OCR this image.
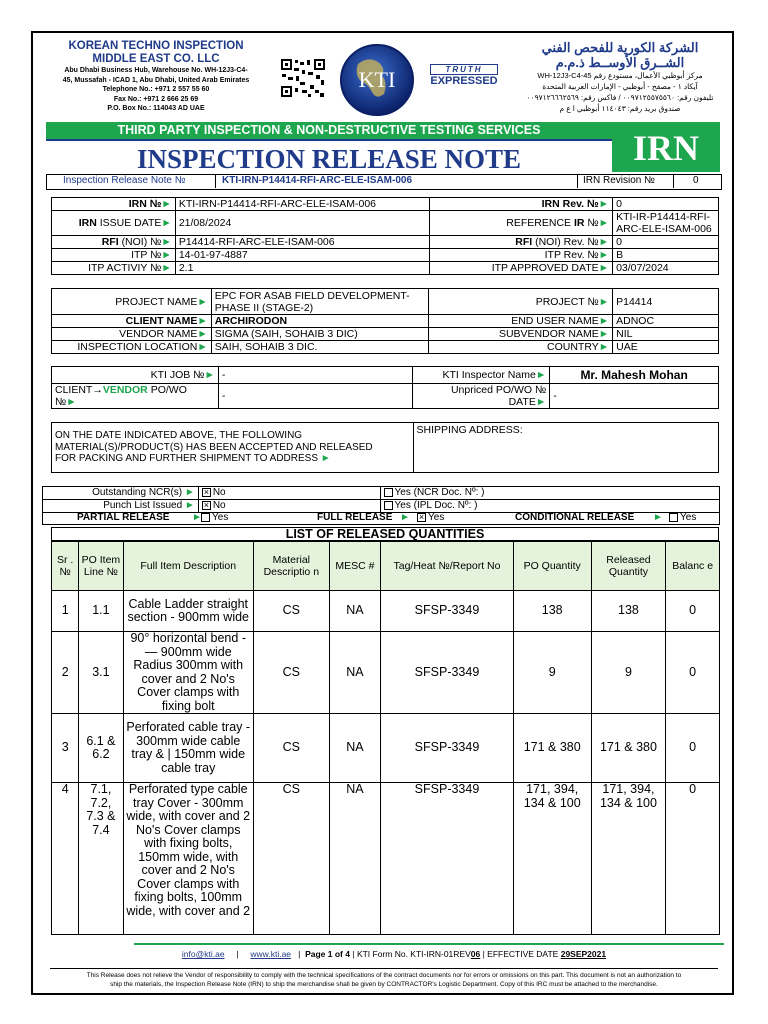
KOREAN TECHNO INSPECTION
MIDDLE EAST CO. LLC
Abu Dhabi Business Hub, Warehouse No. WH-12J3-C4-
45, Mussafah - ICAD 1, Abu Dhabi, United Arab Emirates
Telephone No.: +971 2 557 55 60
Fax No.: +971 2 666 25 69
P.O. Box No.: 114043 AD UAE
KTI	TRUTH
EXPRESSED
الشركة الكورية للفحص الفني
الشــرق الأوســط ذ.م.م
مركز أبوظبي الأعمال، مستودع رقم WH-12J3-C4-45
آيكاد ١ - مصفح - أبوظبي - الإمارات العربية المتحدة
تليفون رقم: ٠٠٩٧١٢٥٥٧٥٥٦٠ / فاكس رقم: ٠٠٩٧١٢٦٦٦٢٥٦٩
صندوق بريد رقم: ١١٤٠٤٣ أبوظبي ا ع م
THIRD PARTY INSPECTION & NON-DESTRUCTIVE TESTING SERVICES
INSPECTION RELEASE NOTE	IRN
Inspection Release Note №	KTI-IRN-P14414-RFI-ARC-ELE-ISAM-006	IRN Revision №	0
IRN №►	KTI-IRN-P14414-RFI-ARC-ELE-ISAM-006	IRN Rev. №►	0
IRN ISSUE DATE►	21/08/2024	REFERENCE IR №►	KTI-IR-P14414-RFI-ARC-ELE-ISAM-006
RFI (NOI) №►	P14414-RFI-ARC-ELE-ISAM-006	RFI (NOI) Rev. №►	0
ITP №►	14-01-97-4887	ITP Rev. №►	B
ITP ACTIVIY №►	2.1	ITP APPROVED DATE►	03/07/2024
PROJECT NAME►	EPC FOR ASAB FIELD DEVELOPMENT-PHASE II (STAGE-2)	PROJECT №►	P14414
CLIENT NAME►	ARCHIRODON	END USER NAME►	ADNOC
VENDOR NAME►	SIGMA (SAIH, SOHAIB 3 DIC)	SUBVENDOR NAME►	NIL
INSPECTION LOCATION►	SAIH, SOHAIB 3 DIC.	COUNTRY►	UAE
KTI JOB №►	-	KTI Inspector Name►	Mr. Mahesh Mohan
CLIENT→VENDOR PO/WO
№►	-	Unpriced PO/WO № DATE►	-
ON THE DATE INDICATED ABOVE, THE FOLLOWING
MATERIAL(S)/PRODUCT(S) HAS BEEN ACCEPTED AND RELEASED
FOR PACKING AND FURTHER SHIPMENT TO ADDRESS ►
	SHIPPING ADDRESS:
Outstanding NCR(s) ►	× No	Yes (NCR Doc. Nº: )
Punch List Issued ►	× No	Yes (IPL Doc. Nº: )
PARTIAL RELEASE ►	Yes	FULL RELEASE ► × Yes	CONDITIONAL RELEASE ►	Yes
LIST OF RELEASED QUANTITIES
Sr . №	PO Item Line №	Full Item Description	Material Descriptio n	MESC #	Tag/Heat №/Report No	PO Quantity	Released Quantity	Balanc e
1	1.1	Cable Ladder straight section - 900mm wide	CS	NA	SFSP-3349	138	138	0
2	3.1	90° horizontal bend - — 900mm wide Radius 300mm with cover and 2 No's Cover clamps with fixing bolt	CS	NA	SFSP-3349	9	9	0
3	6.1 & 6.2	Perforated cable tray - 300mm wide cable tray & | 150mm wide cable tray	CS	NA	SFSP-3349	171 & 380	171 & 380	0
4	7.1, 7.2, 7.3 & 7.4	Perforated type cable tray Cover - 300mm wide, with cover and 2 No's Cover clamps with fixing bolts, 150mm wide, with cover and 2 No's Cover clamps with fixing bolts, 100mm wide, with cover and 2	CS	NA	SFSP-3349	171, 394, 134 & 100	171, 394, 134 & 100	0
info@kti.ae | www.kti.ae | Page 1 of 4 | KTI Form No. KTI-IRN-01REV06 | EFFECTIVE DATE 29SEP2021
This Release does not relieve the Vendor of responsibility to comply with the technical specifications of the contract documents nor for errors or omissions on this part. This document is not an authorization to
ship the materials, the Inspection Release Note (IRN) to ship the merchandise shall be given by CONTRACTOR's Logistic Department. Copy of this IRC must be attached to the merchandise.
